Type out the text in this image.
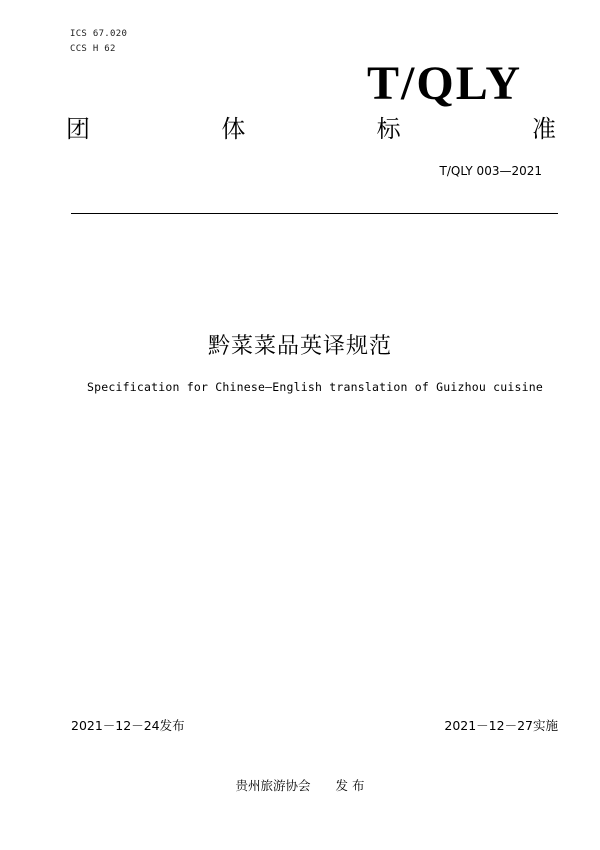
ICS 67.020
CCS H 62
T/QLY
团	体	标	准
T/QLY 003—2021
黔菜菜品英译规范
Specification for Chinese—English translation of Guizhou cuisine
2021－12－24发布	2021－12－27实施
贵州旅游协会　　发 布
